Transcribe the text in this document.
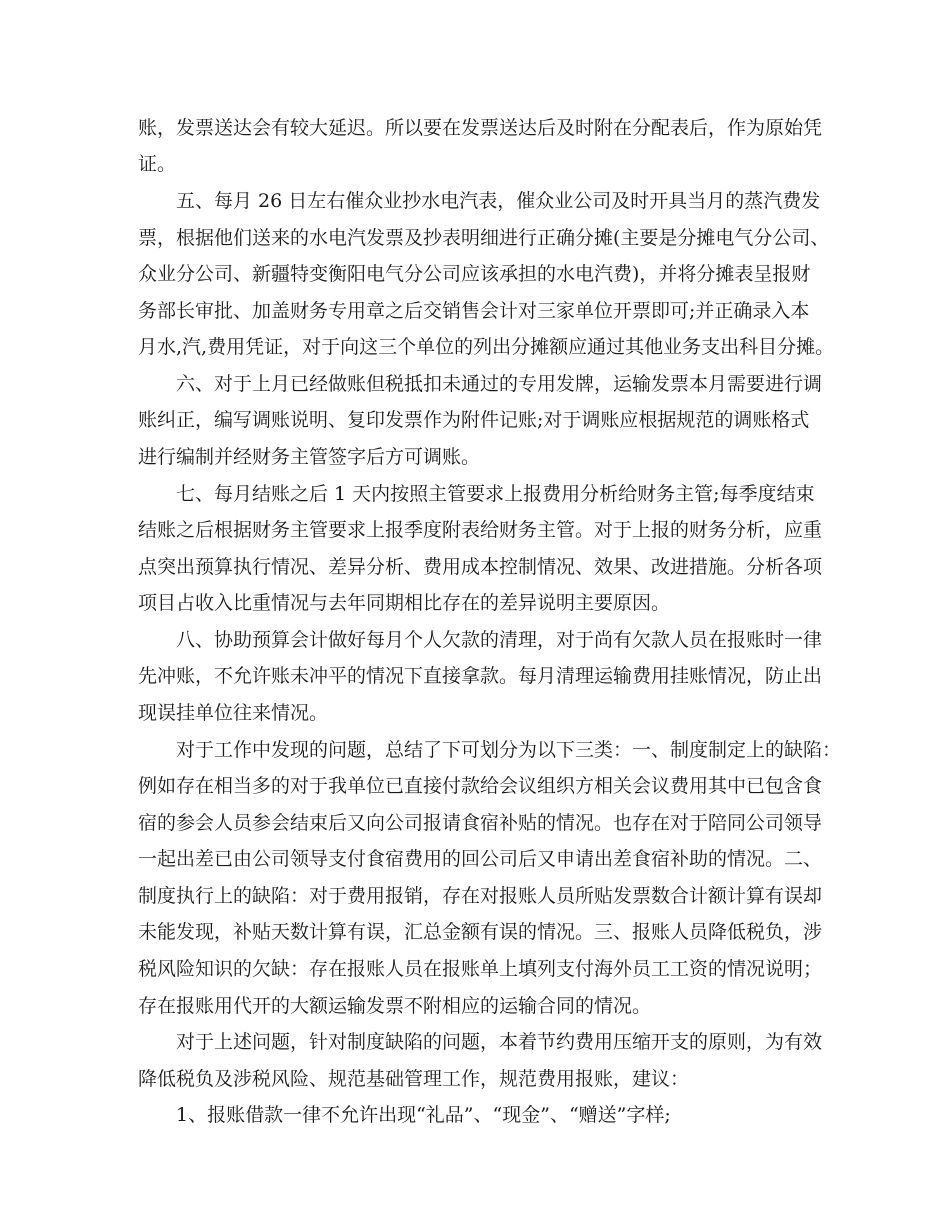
账，发票送达会有较大延迟。所以要在发票送达后及时附在分配表后，作为原始凭
证。
五、每月 26 日左右催众业抄水电汽表，催众业公司及时开具当月的蒸汽费发
票，根据他们送来的水电汽发票及抄表明细进行正确分摊(主要是分摊电气分公司、
众业分公司、新疆特变衡阳电气分公司应该承担的水电汽费)，并将分摊表呈报财
务部长审批、加盖财务专用章之后交销售会计对三家单位开票即可;并正确录入本
月水,汽,费用凭证，对于向这三个单位的列出分摊额应通过其他业务支出科目分摊。
六、对于上月已经做账但税抵扣未通过的专用发牌，运输发票本月需要进行调
账纠正，编写调账说明、复印发票作为附件记账;对于调账应根据规范的调账格式
进行编制并经财务主管签字后方可调账。
七、每月结账之后 1 天内按照主管要求上报费用分析给财务主管;每季度结束
结账之后根据财务主管要求上报季度附表给财务主管。对于上报的财务分析，应重
点突出预算执行情况、差异分析、费用成本控制情况、效果、改进措施。分析各项
项目占收入比重情况与去年同期相比存在的差异说明主要原因。
八、协助预算会计做好每月个人欠款的清理，对于尚有欠款人员在报账时一律
先冲账，不允许账未冲平的情况下直接拿款。每月清理运输费用挂账情况，防止出
现误挂单位往来情况。
对于工作中发现的问题，总结了下可划分为以下三类：一、制度制定上的缺陷：
例如存在相当多的对于我单位已直接付款给会议组织方相关会议费用其中已包含食
宿的参会人员参会结束后又向公司报请食宿补贴的情况。也存在对于陪同公司领导
一起出差已由公司领导支付食宿费用的回公司后又申请出差食宿补助的情况。二、
制度执行上的缺陷：对于费用报销，存在对报账人员所贴发票数合计额计算有误却
未能发现，补贴天数计算有误，汇总金额有误的情况。三、报账人员降低税负，涉
税风险知识的欠缺：存在报账人员在报账单上填列支付海外员工工资的情况说明；
存在报账用代开的大额运输发票不附相应的运输合同的情况。
对于上述问题，针对制度缺陷的问题，本着节约费用压缩开支的原则，为有效
降低税负及涉税风险、规范基础管理工作，规范费用报账，建议：
1、报账借款一律不允许出现“礼品”、“现金”、“赠送”字样;
